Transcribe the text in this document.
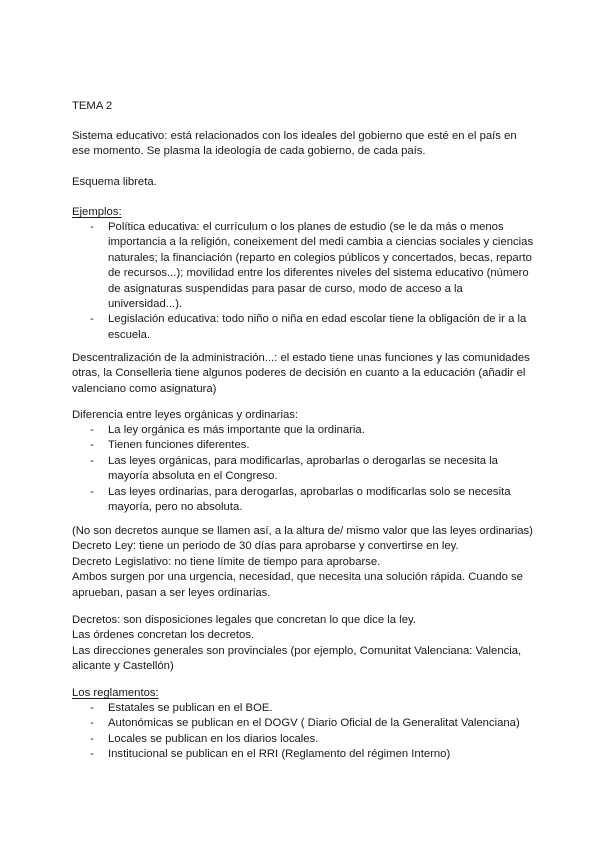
TEMA 2
Sistema educativo: está relacionados con los ideales del gobierno que esté en el país en
ese momento. Se plasma la ideología de cada gobierno, de cada país.
Esquema libreta.
Ejemplos:
- Política educativa: el currículum o los planes de estudio (se le da más o menos
importancia a la religión, coneixement del medi cambia a ciencias sociales y ciencias
naturales; la financiación (reparto en colegios públicos y concertados, becas, reparto
de recursos...); movilidad entre los diferentes niveles del sistema educativo (número
de asignaturas suspendidas para pasar de curso, modo de acceso a la
universidad...).
- Legislación educativa: todo niño o niña en edad escolar tiene la obligación de ir a la
escuela.
Descentralización de la administración...: el estado tiene unas funciones y las comunidades
otras, la Conselleria tiene algunos poderes de decisión en cuanto a la educación (añadir el
valenciano como asignatura)
Diferencia entre leyes orgánicas y ordinarias:
- La ley orgánica es más importante que la ordinaria.
- Tienen funciones diferentes.
- Las leyes orgánicas, para modificarlas, aprobarlas o derogarlas se necesita la
mayoría absoluta en el Congreso.
- Las leyes ordinarias, para derogarlas, aprobarlas o modificarlas solo se necesita
mayoría, pero no absoluta.
(No son decretos aunque se llamen así, a la altura de/ mismo valor que las leyes ordinarias)
Decreto Ley: tiene un periodo de 30 días para aprobarse y convertirse en ley.
Decreto Legislativo: no tiene límite de tiempo para aprobarse.
Ambos surgen por una urgencia, necesidad, que necesita una solución rápida. Cuando se
aprueban, pasan a ser leyes ordinarias.
Decretos: son disposiciones legales que concretan lo que dice la ley.
Las órdenes concretan los decretos.
Las direcciones generales son provinciales (por ejemplo, Comunitat Valenciana: Valencia,
alicante y Castellón)
Los reglamentos:
- Estatales se publican en el BOE.
- Autonómicas se publican en el DOGV ( Diario Oficial de la Generalitat Valenciana)
- Locales se publican en los diarios locales.
- Institucional se publican en el RRI (Reglamento del régimen Interno)
